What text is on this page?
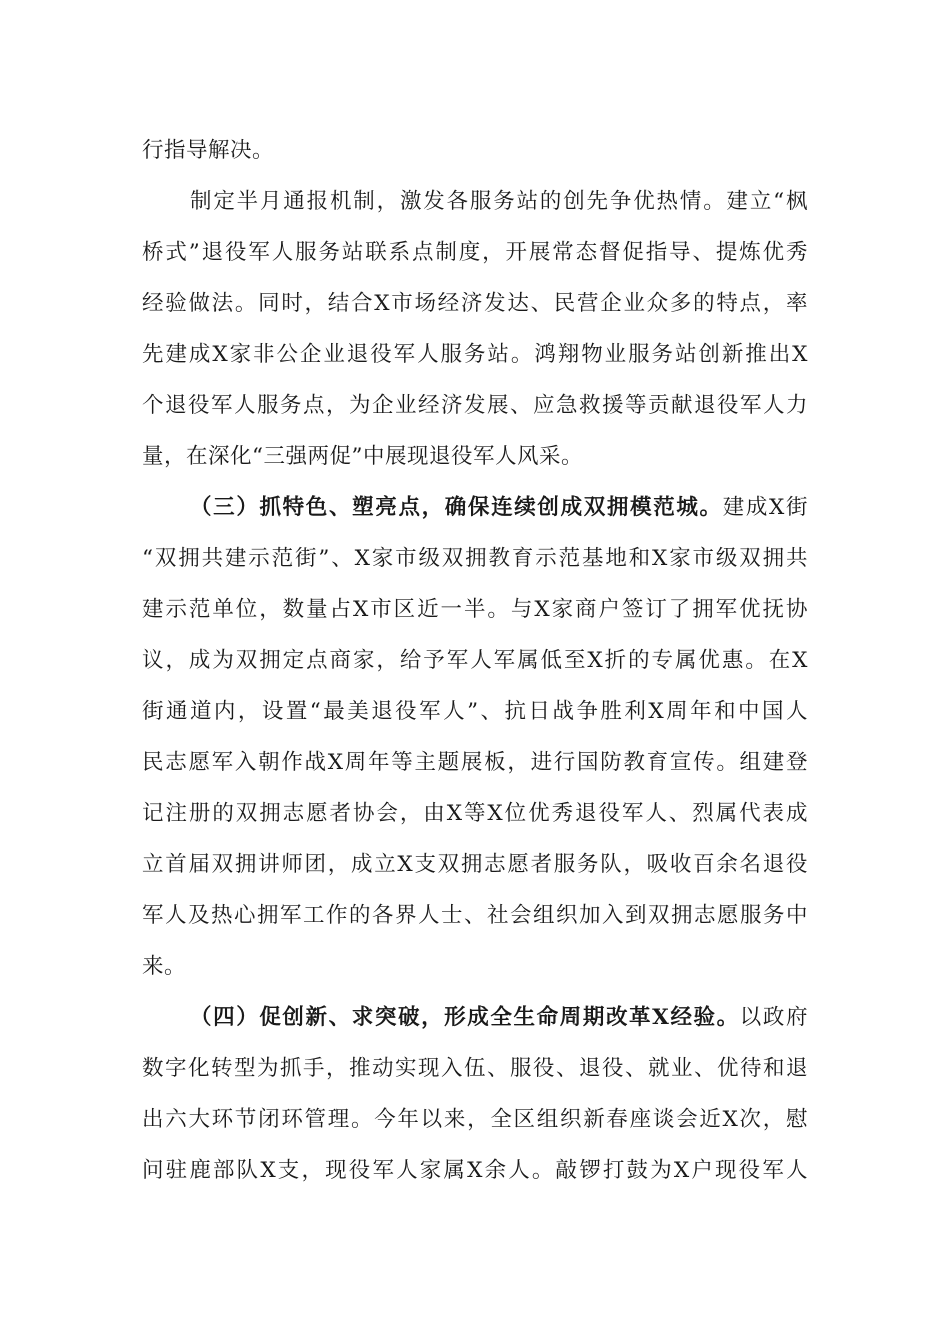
行指导解决。
制定半月通报机制，激发各服务站的创先争优热情。建立“枫
桥式”退役军人服务站联系点制度，开展常态督促指导、提炼优秀
经验做法。同时，结合X市场经济发达、民营企业众多的特点，率
先建成X家非公企业退役军人服务站。鸿翔物业服务站创新推出X
个退役军人服务点，为企业经济发展、应急救援等贡献退役军人力
量，在深化“三强两促”中展现退役军人风采。
（三）抓特色、塑亮点，确保连续创成双拥模范城。建成X街
“双拥共建示范街”、X家市级双拥教育示范基地和X家市级双拥共
建示范单位，数量占X市区近一半。与X家商户签订了拥军优抚协
议，成为双拥定点商家，给予军人军属低至X折的专属优惠。在X
街通道内，设置“最美退役军人”、抗日战争胜利X周年和中国人
民志愿军入朝作战X周年等主题展板，进行国防教育宣传。组建登
记注册的双拥志愿者协会，由X等X位优秀退役军人、烈属代表成
立首届双拥讲师团，成立X支双拥志愿者服务队，吸收百余名退役
军人及热心拥军工作的各界人士、社会组织加入到双拥志愿服务中
来。
（四）促创新、求突破，形成全生命周期改革X经验。以政府
数字化转型为抓手，推动实现入伍、服役、退役、就业、优待和退
出六大环节闭环管理。今年以来，全区组织新春座谈会近X次，慰
问驻鹿部队X支，现役军人家属X余人。敲锣打鼓为X户现役军人
